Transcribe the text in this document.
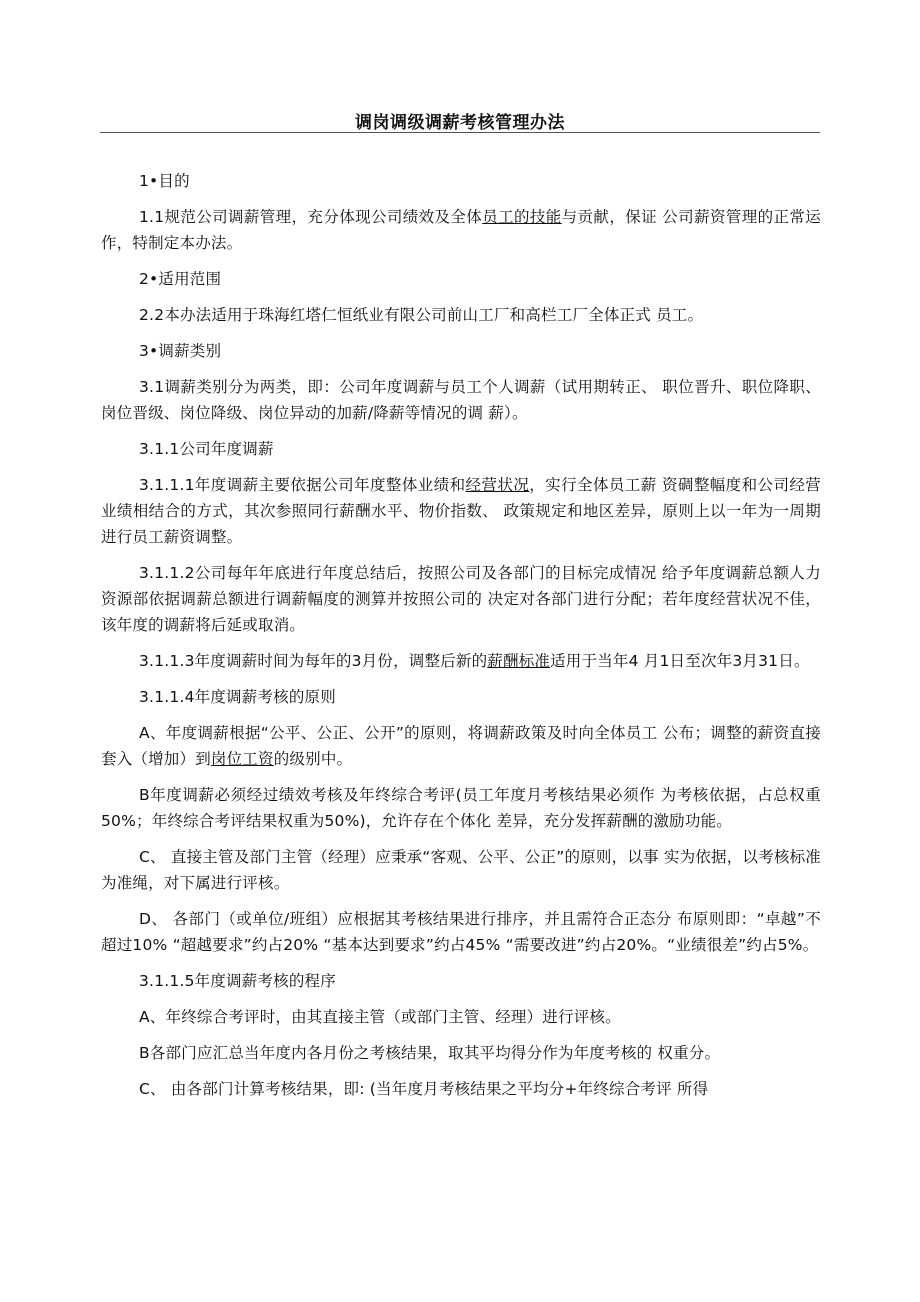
调岗调级调薪考核管理办法

1•目的

1.1规范公司调薪管理，充分体现公司绩效及全体员工的技能与贡献，保证 公司薪资管理的正常运作，特制定本办法。

2•适用范围

2.2本办法适用于珠海红塔仁恒纸业有限公司前山工厂和高栏工厂全体正式 员工。

3•调薪类别

3.1调薪类别分为两类，即：公司年度调薪与员工个人调薪（试用期转正、 职位晋升、职位降职、岗位晋级、岗位降级、岗位异动的加薪/降薪等情况的调 薪）。

3.1.1公司年度调薪

3.1.1.1年度调薪主要依据公司年度整体业绩和经营状况，实行全体员工薪 资碉整幅度和公司经营业绩相结合的方式，其次参照同行薪酬水平、物价指数、 政策规定和地区差异，原则上以一年为一周期进行员工薪资调整。

3.1.1.2公司每年年底进行年度总结后，按照公司及各部门的目标完成情况 给予年度调薪总额人力资源部依据调薪总额进行调薪幅度的测算并按照公司的 决定对各部门进行分配；若年度经营状况不佳，该年度的调薪将后延或取消。

3.1.1.3年度调薪时间为每年的3月份，调整后新的薪酬标准适用于当年4 月1日至次年3月31日。

3.1.1.4年度调薪考核的原则

A、年度调薪根据“公平、公正、公开”的原则，将调薪政策及时向全体员工 公布；调整的薪资直接套入（增加）到岗位工资的级别中。

B年度调薪必须经过绩效考核及年终综合考评(员工年度月考核结果必须作 为考核依据，占总权重50%；年终综合考评结果权重为50%)，允许存在个体化 差异，充分发挥薪酬的激励功能。

C、 直接主管及部门主管（经理）应秉承“客观、公平、公正”的原则，以事 实为依据，以考核标准为准绳，对下属进行评核。

D、 各部门（或单位/班组）应根据其考核结果进行排序，并且需符合正态分 布原则即：“卓越”不超过10% “超越要求”约占20% “基本达到要求”约占45% “需要改进”约占20%。“业绩很差”约占5%。

3.1.1.5年度调薪考核的程序

A、年终综合考评时，由其直接主管（或部门主管、经理）进行评核。

B各部门应汇总当年度内各月份之考核结果，取其平均得分作为年度考核的 权重分。

C、 由各部门计算考核结果，即: (当年度月考核结果之平均分+年终综合考评 所得
